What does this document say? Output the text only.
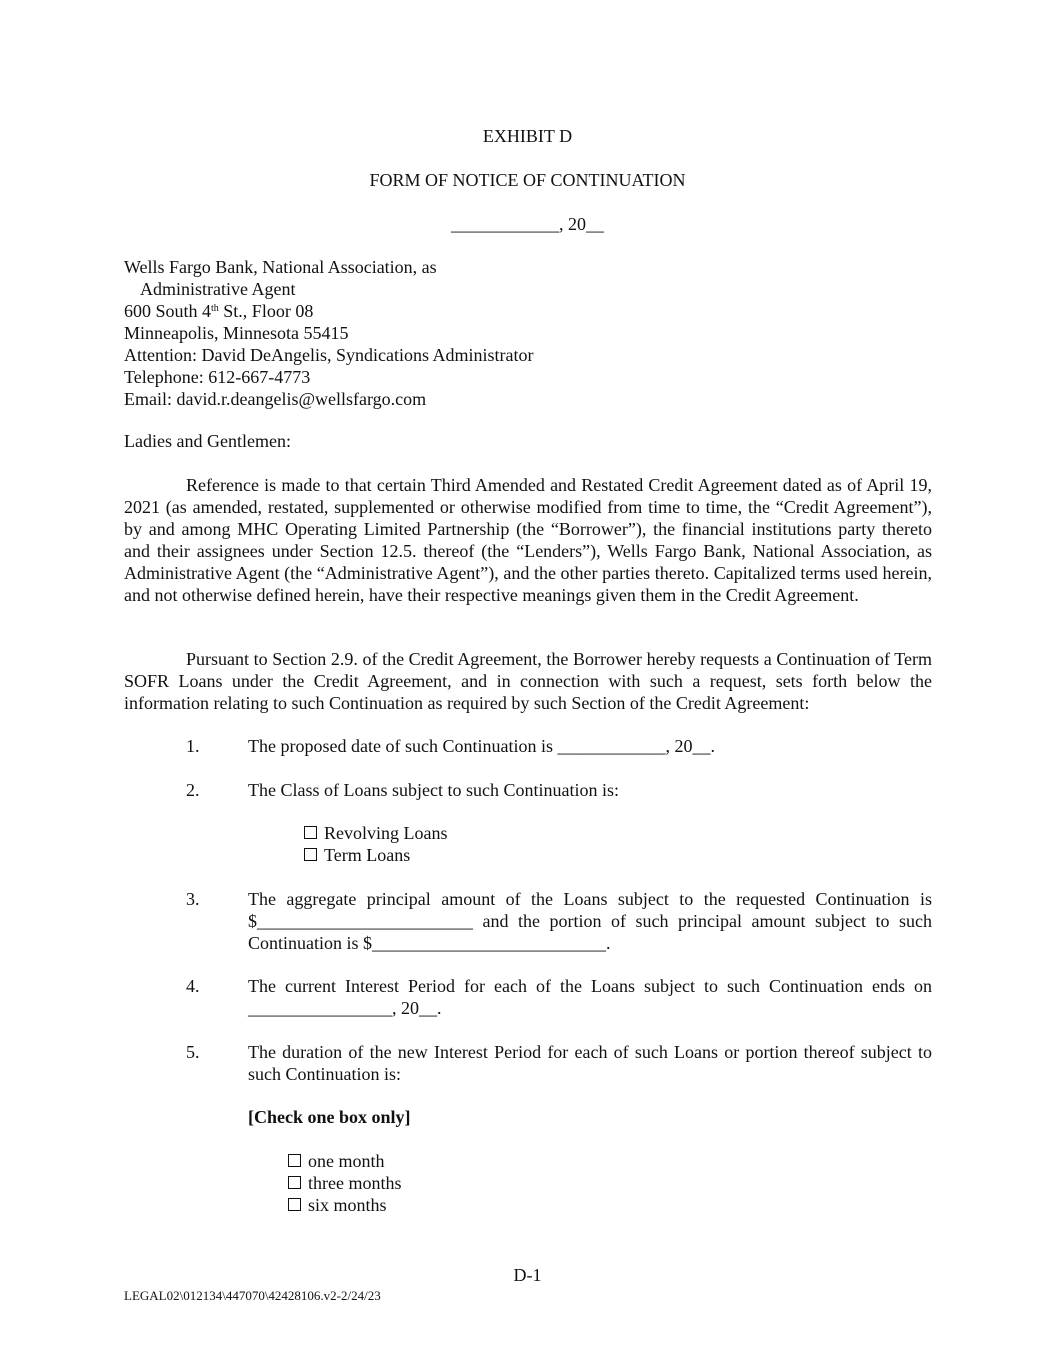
EXHIBIT D
FORM OF NOTICE OF CONTINUATION
____________, 20__
Wells Fargo Bank, National Association, as
Administrative Agent
600 South 4th St., Floor 08
Minneapolis, Minnesota 55415
Attention: David DeAngelis, Syndications Administrator
Telephone: 612-667-4773
Email: david.r.deangelis@wellsfargo.com
Ladies and Gentlemen:
Reference is made to that certain Third Amended and Restated Credit Agreement dated as of April 19, 2021 (as amended, restated, supplemented or otherwise modified from time to time, the “Credit Agreement”), by and among MHC Operating Limited Partnership (the “Borrower”), the financial institutions party thereto and their assignees under Section 12.5. thereof (the “Lenders”), Wells Fargo Bank, National Association, as Administrative Agent (the “Administrative Agent”), and the other parties thereto. Capitalized terms used herein, and not otherwise defined herein, have their respective meanings given them in the Credit Agreement.
Pursuant to Section 2.9. of the Credit Agreement, the Borrower hereby requests a Continuation of Term SOFR Loans under the Credit Agreement, and in connection with such a request, sets forth below the information relating to such Continuation as required by such Section of the Credit Agreement:
1.	The proposed date of such Continuation is ____________, 20__.
2.	The Class of Loans subject to such Continuation is:
Revolving Loans
Term Loans
3.	The aggregate principal amount of the Loans subject to the requested Continuation is $________________________ and the portion of such principal amount subject to such Continuation is $__________________________.
4.	The current Interest Period for each of the Loans subject to such Continuation ends on ________________, 20__.
5.	The duration of the new Interest Period for each of such Loans or portion thereof subject to such Continuation is:
[Check one box only]
one month
three months
six months
D-1
LEGAL02\012134\447070\42428106.v2-2/24/23
